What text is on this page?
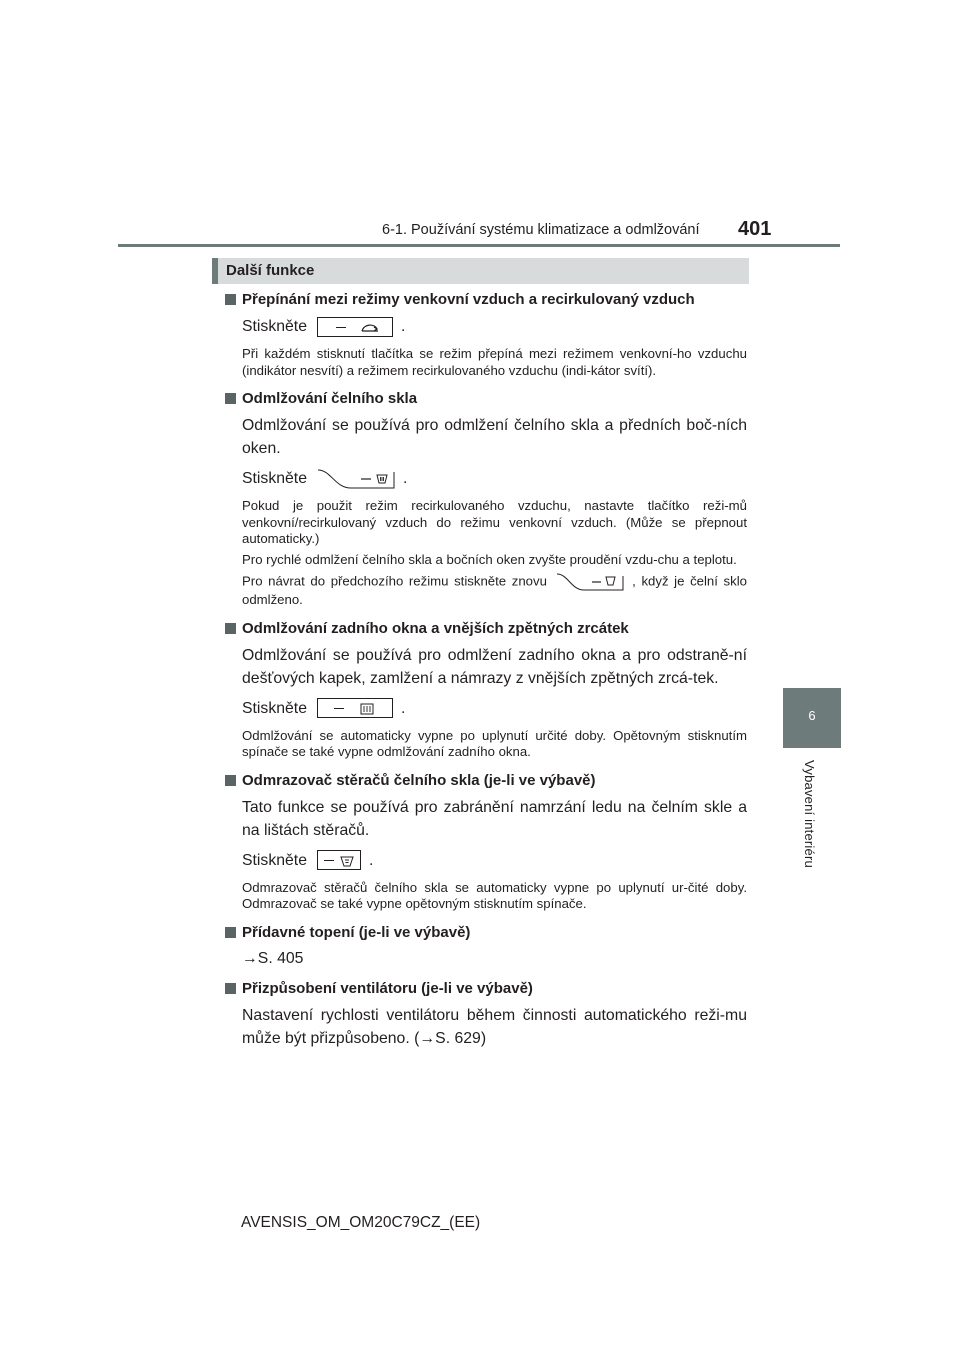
6-1. Používání systému klimatizace a odmlžování 401
6
Vybavení interiéru
Další funkce
Přepínání mezi režimy venkovní vzduch a recirkulovaný vzduch
Stiskněte	.
Při každém stisknutí tlačítka se režim přepíná mezi režimem venkovní-ho vzduchu (indikátor nesvítí) a režimem recirkulovaného vzduchu (indi-kátor svítí).
Odmlžování čelního skla
Odmlžování se používá pro odmlžení čelního skla a předních boč-ních oken.
Stiskněte	.
Pokud je použit režim recirkulovaného vzduchu, nastavte tlačítko reži-mů venkovní/recirkulovaný vzduch do režimu venkovní vzduch. (Může se přepnout automaticky.)
Pro rychlé odmlžení čelního skla a bočních oken zvyšte proudění vzdu-chu a teplotu.
Pro návrat do předchozího režimu stiskněte znovu	, když je čelní sklo odmlženo.
Odmlžování zadního okna a vnějších zpětných zrcátek
Odmlžování se používá pro odmlžení zadního okna a pro odstraně-ní dešťových kapek, zamlžení a námrazy z vnějších zpětných zrcá-tek.
Stiskněte	.
Odmlžování se automaticky vypne po uplynutí určité doby. Opětovným stisknutím spínače se také vypne odmlžování zadního okna.
Odmrazovač stěračů čelního skla (je-li ve výbavě)
Tato funkce se používá pro zabránění namrzání ledu na čelním skle a na lištách stěračů.
Stiskněte	.
Odmrazovač stěračů čelního skla se automaticky vypne po uplynutí ur-čité doby. Odmrazovač se také vypne opětovným stisknutím spínače.
Přídavné topení (je-li ve výbavě)
→S. 405
Přizpůsobení ventilátoru (je-li ve výbavě)
Nastavení rychlosti ventilátoru během činnosti automatického reži-mu může být přizpůsobeno. (→S. 629)
AVENSIS_OM_OM20C79CZ_(EE)
